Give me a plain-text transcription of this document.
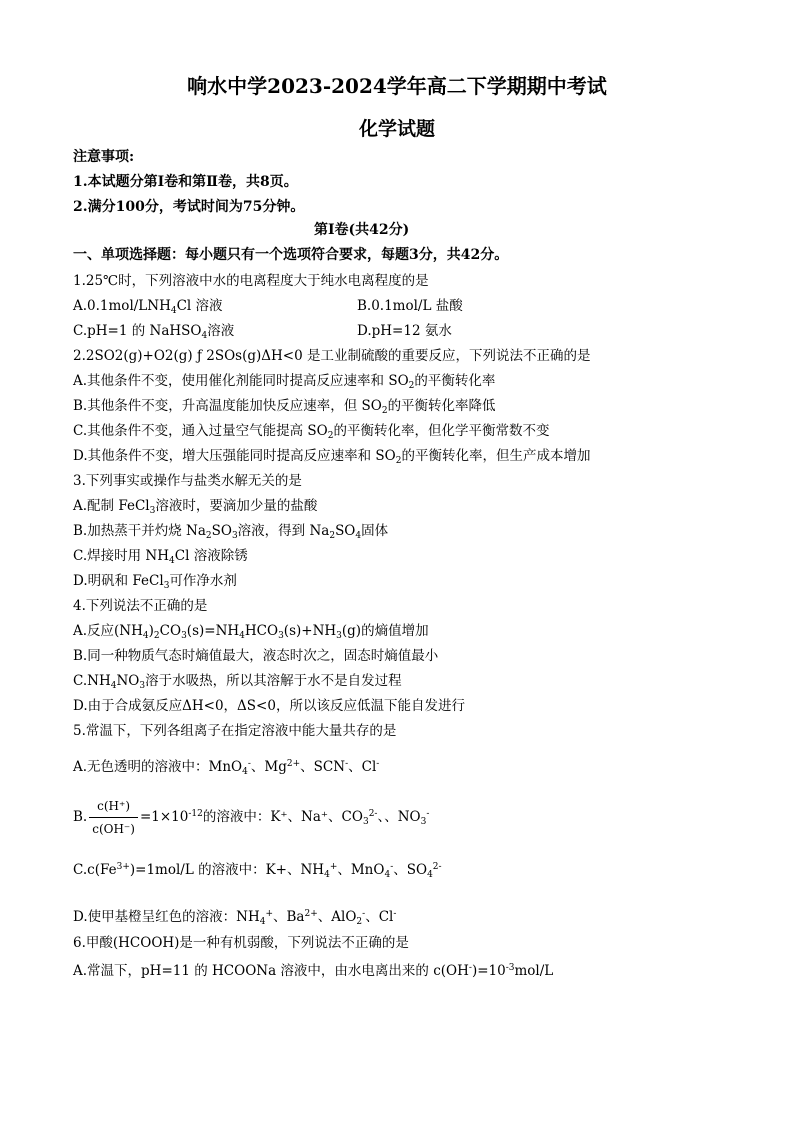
响水中学2023-2024学年高二下学期期中考试
化学试题
注意事项:
1.本试题分第Ⅰ卷和第Ⅱ卷，共8页。
2.满分100分，考试时间为75分钟。
第Ⅰ卷(共42分)
一、单项选择题：每小题只有一个选项符合要求，每题3分，共42分。
1.25℃时，下列溶液中水的电离程度大于纯水电离程度的是
$A.0.1mol/LNH_4Cl$ 溶液	B.0.1mol/L 盐酸
C.pH=1 的 NaHSO$_4$溶液	D.pH=12 氨水
2.2SO2(g)+O2(g) ƒ 2SOs(g)ΔH<0 是工业制硫酸的重要反应，下列说法不正确的是
A.其他条件不变，使用催化剂能同时提高反应速率和 $SO_2$的平衡转化率
B.其他条件不变，升高温度能加快反应速率，但 $SO_2$的平衡转化率降低
C.其他条件不变，通入过量空气能提高 $SO_2$的平衡转化率，但化学平衡常数不变
D.其他条件不变，增大压强能同时提高反应速率和 $SO_2$的平衡转化率，但生产成本增加
3.下列事实或操作与盐类水解无关的是
A.配制 FeCl$_3$溶液时，要滴加少量的盐酸
B.加热蒸干并灼烧 $Na_2SO_3$溶液，得到 $Na_2SO_4$固体
C.焊接时用 $NH_4Cl$ 溶液除锈
D.明矾和 FeCl$_3$可作净水剂
4.下列说法不正确的是
A.反应$(NH_4)_2CO_3(s)=NH_4HCO_3(s)+NH_3(g)$的熵值增加
B.同一种物质气态时熵值最大，液态时次之，固态时熵值最小
$C.NH_4NO_3$溶于水吸热，所以其溶解于水不是自发过程
D.由于合成氨反应ΔH<0，ΔS<0，所以该反应低温下能自发进行
5.常温下，下列各组离子在指定溶液中能大量共存的是
A.无色透明的溶液中：MnO$_4$-、$Mg^{2+}$、SCN-、Cl-
B. $\frac{c(H^+)}{c(OH^-)} =1\times 10^{-12}$的溶液中：K⁺、Na⁺、$CO_3^{2-}$、、$NO_3^-$
$C.c(Fe^{3+})=1mol/L$ 的溶液中：K+、$NH_4^+$、MnO$_4$-、$SO_4^{2-}$
D.使甲基橙呈红色的溶液：$NH_4^+$、$Ba^{2+}$、AlO$_2$-、Cl-
6.甲酸(HCOOH)是一种有机弱酸，下列说法不正确的是
A.常温下，pH=11 的 HCOONa 溶液中，由水电离出来的 $c(OH^-)=10^{-3}mol/L$
